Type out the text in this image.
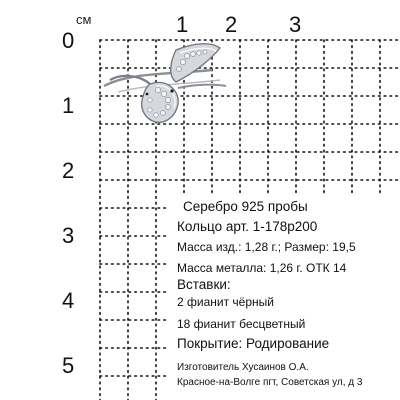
см	1 2 3
0
1
2
3
4
5
Серебро 925 пробы
Кольцо арт. 1-178р200
Масса изд.: 1,28 г.; Размер: 19,5
Масса металла: 1,26 г. ОТК 14
Вставки:
2 фианит чёрный
18 фианит бесцветный
Покрытие: Родирование
Изготовитель Хусаинов О.А.
Красное-на-Волге пгт, Советская ул, д 3
